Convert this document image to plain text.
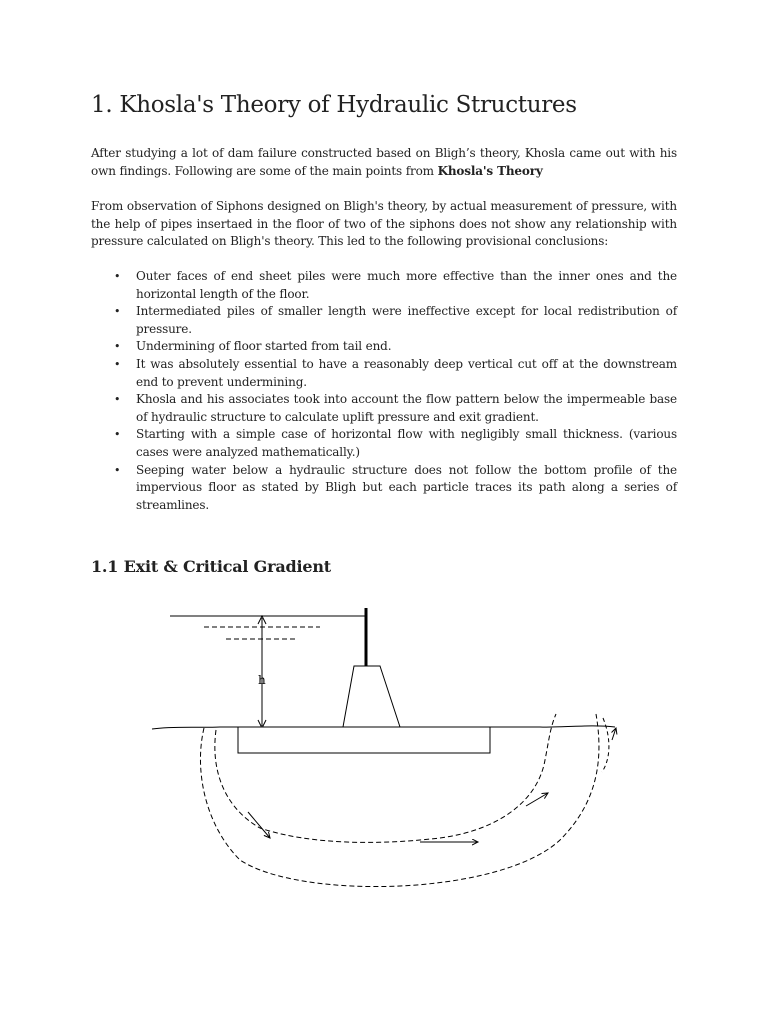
1. Khosla's Theory of Hydraulic Structures

After studying a lot of dam failure constructed based on Bligh’s theory, Khosla came out with his own findings. Following are some of the main points from Khosla's Theory

From observation of Siphons designed on Bligh's theory, by actual measurement of pressure, with the help of pipes insertaed in the floor of two of the siphons does not show any relationship with pressure calculated on Bligh's theory. This led to the following provisional conclusions:

• Outer faces of end sheet piles were much more effective than the inner ones and the horizontal length of the floor.
• Intermediated piles of smaller length were ineffective except for local redistribution of pressure.
• Undermining of floor started from tail end.
• It was absolutely essential to have a reasonably deep vertical cut off at the downstream end to prevent undermining.
• Khosla and his associates took into account the flow pattern below the impermeable base of hydraulic structure to calculate uplift pressure and exit gradient.
• Starting with a simple case of horizontal flow with negligibly small thickness. (various cases were analyzed mathematically.)
• Seeping water below a hydraulic structure does not follow the bottom profile of the impervious floor as stated by Bligh but each particle traces its path along a series of streamlines.
1.1 Exit & Critical Gradient
h
